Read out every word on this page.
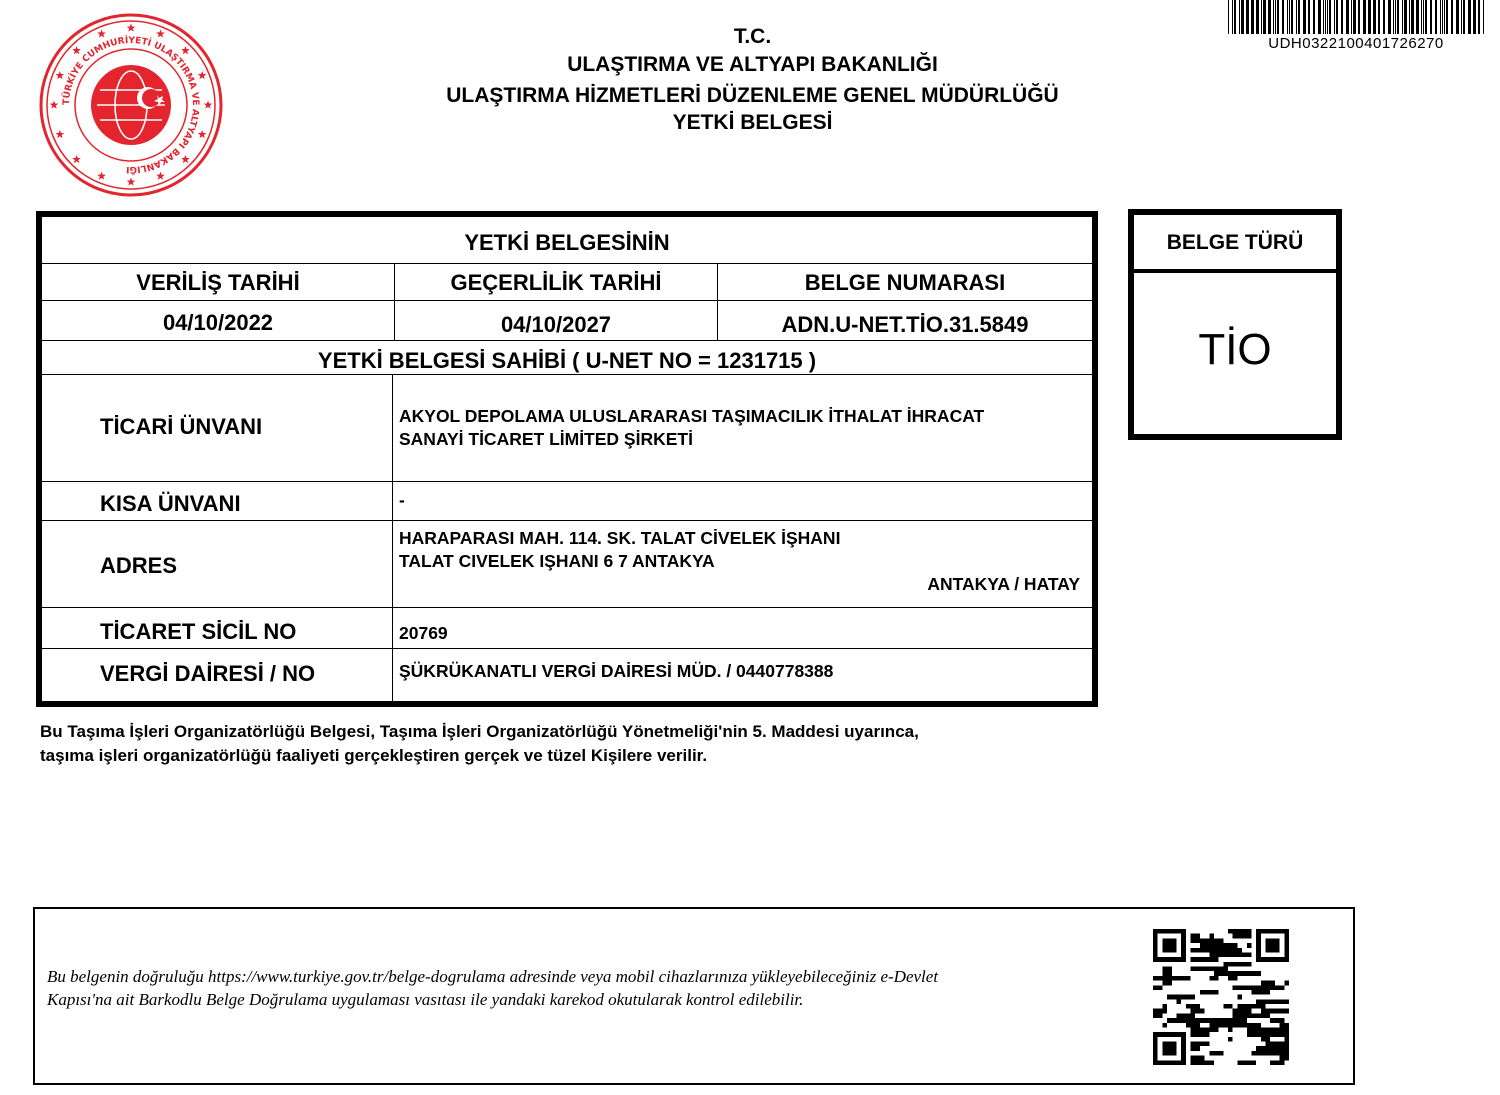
TÜRKİYE CUMHURİYETİ ULAŞTIRMA VE ALTYAPI BAKANLIĞI
T.C.
ULAŞTIRMA VE ALTYAPI BAKANLIĞI
ULAŞTIRMA HİZMETLERİ DÜZENLEME GENEL MÜDÜRLÜĞÜ
YETKİ BELGESİ
UDH0322100401726270
YETKİ BELGESİNİN
VERİLİŞ TARİHİ	GEÇERLİLİK TARİHİ	BELGE NUMARASI
04/10/2022	04/10/2027	ADN.U-NET.TİO.31.5849
YETKİ BELGESİ SAHİBİ ( U-NET NO = 1231715 )
TİCARİ ÜNVANI	AKYOL DEPOLAMA ULUSLARARASI TAŞIMACILIK İTHALAT İHRACAT
SANAYİ TİCARET LİMİTED ŞİRKETİ
KISA ÜNVANI	-
ADRES
HARAPARASI MAH. 114. SK. TALAT CİVELEK İŞHANI
TALAT CIVELEK IŞHANI 6 7 ANTAKYA
ANTAKYA / HATAY
TİCARET SİCİL NO	20769
VERGİ DAİRESİ / NO	ŞÜKRÜKANATLI VERGİ DAİRESİ MÜD. / 0440778388
BELGE TÜRÜ
TİO
Bu Taşıma İşleri Organizatörlüğü Belgesi, Taşıma İşleri Organizatörlüğü Yönetmeliği'nin 5. Maddesi uyarınca,
taşıma işleri organizatörlüğü faaliyeti gerçekleştiren gerçek ve tüzel Kişilere verilir.
Bu belgenin doğruluğu https://www.turkiye.gov.tr/belge-dogrulama adresinde veya mobil cihazlarınıza yükleyebileceğiniz e-Devlet
Kapısı'na ait Barkodlu Belge Doğrulama uygulaması vasıtası ile yandaki karekod okutularak kontrol edilebilir.
